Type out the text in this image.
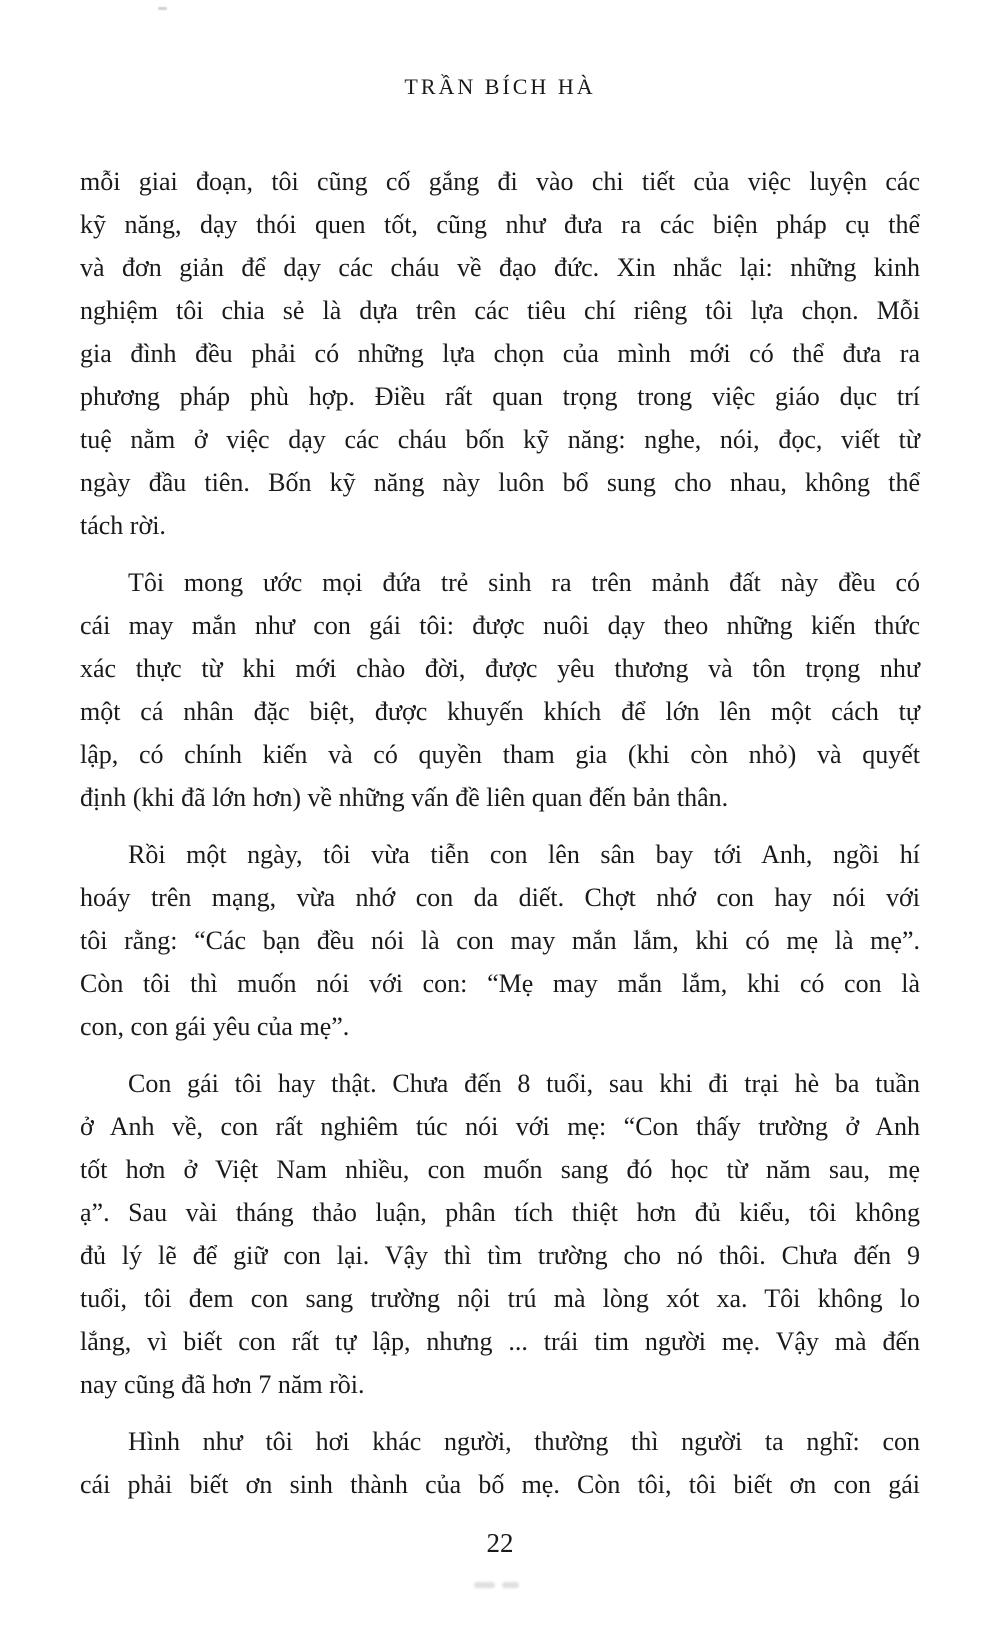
TRẦN BÍCH HÀ
mỗi giai đoạn, tôi cũng cố gắng đi vào chi tiết của việc luyện các
kỹ năng, dạy thói quen tốt, cũng như đưa ra các biện pháp cụ thể
và đơn giản để dạy các cháu về đạo đức. Xin nhắc lại: những kinh
nghiệm tôi chia sẻ là dựa trên các tiêu chí riêng tôi lựa chọn. Mỗi
gia đình đều phải có những lựa chọn của mình mới có thể đưa ra
phương pháp phù hợp. Điều rất quan trọng trong việc giáo dục trí
tuệ nằm ở việc dạy các cháu bốn kỹ năng: nghe, nói, đọc, viết từ
ngày đầu tiên. Bốn kỹ năng này luôn bổ sung cho nhau, không thể
tách rời.
Tôi mong ước mọi đứa trẻ sinh ra trên mảnh đất này đều có
cái may mắn như con gái tôi: được nuôi dạy theo những kiến thức
xác thực từ khi mới chào đời, được yêu thương và tôn trọng như
một cá nhân đặc biệt, được khuyến khích để lớn lên một cách tự
lập, có chính kiến và có quyền tham gia (khi còn nhỏ) và quyết
định (khi đã lớn hơn) về những vấn đề liên quan đến bản thân.
Rồi một ngày, tôi vừa tiễn con lên sân bay tới Anh, ngồi hí
hoáy trên mạng, vừa nhớ con da diết. Chợt nhớ con hay nói với
tôi rằng: “Các bạn đều nói là con may mắn lắm, khi có mẹ là mẹ”.
Còn tôi thì muốn nói với con: “Mẹ may mắn lắm, khi có con là
con, con gái yêu của mẹ”.
Con gái tôi hay thật. Chưa đến 8 tuổi, sau khi đi trại hè ba tuần
ở Anh về, con rất nghiêm túc nói với mẹ: “Con thấy trường ở Anh
tốt hơn ở Việt Nam nhiều, con muốn sang đó học từ năm sau, mẹ
ạ”. Sau vài tháng thảo luận, phân tích thiệt hơn đủ kiểu, tôi không
đủ lý lẽ để giữ con lại. Vậy thì tìm trường cho nó thôi. Chưa đến 9
tuổi, tôi đem con sang trường nội trú mà lòng xót xa. Tôi không lo
lắng, vì biết con rất tự lập, nhưng ... trái tim người mẹ. Vậy mà đến
nay cũng đã hơn 7 năm rồi.
Hình như tôi hơi khác người, thường thì người ta nghĩ: con
cái phải biết ơn sinh thành của bố mẹ. Còn tôi, tôi biết ơn con gái
22
